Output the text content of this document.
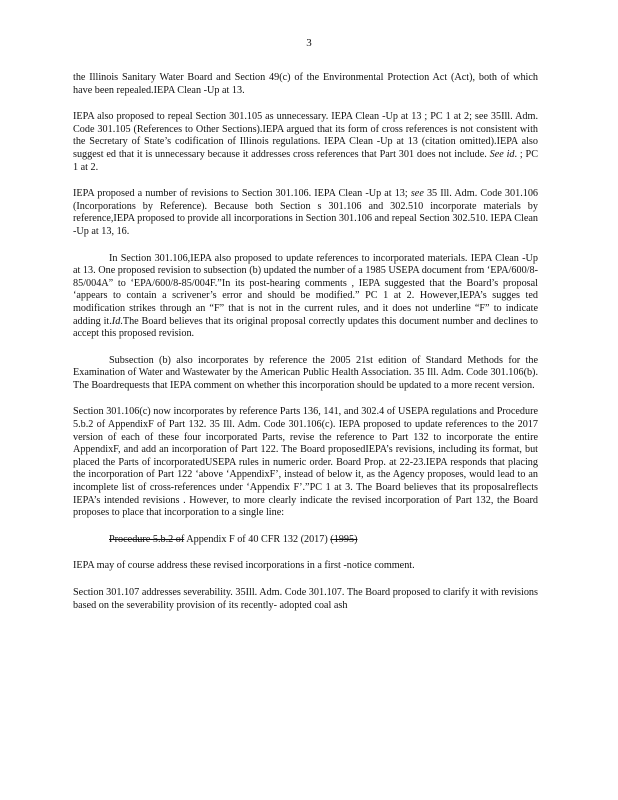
3

the Illinois Sanitary Water Board and Section 49(c) of the Environmental Protection Act (Act), both of which have been repealed.IEPA Clean -Up at 13.

IEPA also proposed to repeal Section 301.105 as unnecessary. IEPA Clean -Up at 13 ; PC 1 at 2; see 35Ill. Adm. Code 301.105 (References to Other Sections).IEPA argued that its form of cross references is not consistent with the Secretary of State’s codification of Illinois regulations. IEPA Clean -Up at 13 (citation omitted).IEPA also suggest ed that it is unnecessary because it addresses cross references that Part 301 does not include. See id. ; PC 1 at 2.

IEPA proposed a number of revisions to Section 301.106. IEPA Clean -Up at 13; see 35 Ill. Adm. Code 301.106 (Incorporations by Reference). Because both Section s 301.106 and 302.510 incorporate materials by reference,IEPA proposed to provide all incorporations in Section 301.106 and repeal Section 302.510. IEPA Clean -Up at 13, 16.

In Section 301.106,IEPA also proposed to update references to incorporated materials. IEPA Clean -Up at 13. One proposed revision to subsection (b) updated the number of a 1985 USEPA document from ‘EPA/600/8-85/004A” to ‘EPA/600/8-85/004F.”In its post-hearing comments , IEPA suggested that the Board’s proposal ‘appears to contain a scrivener’s error and should be modified.” PC 1 at 2. However,IEPA’s sugges ted modification strikes through an “F” that is not in the current rules, and it does not underline “F” to indicate adding it.Id.The Board believes that its original proposal correctly updates this document number and declines to accept this proposed revision.

Subsection (b) also incorporates by reference the 2005 21st edition of Standard Methods for the Examination of Water and Wastewater by the American Public Health Association. 35 Ill. Adm. Code 301.106(b). The Boardrequests that IEPA comment on whether this incorporation should be updated to a more recent version.

Section 301.106(c) now incorporates by reference Parts 136, 141, and 302.4 of USEPA regulations and Procedure 5.b.2 of AppendixF of Part 132. 35 Ill. Adm. Code 301.106(c). IEPA proposed to update references to the 2017 version of each of these four incorporated Parts, revise the reference to Part 132 to incorporate the entire AppendixF, and add an incorporation of Part 122. The Board proposedIEPA’s revisions, including its format, but placed the Parts of incorporatedUSEPA rules in numeric order. Board Prop. at 22-23.IEPA responds that placing the incorporation of Part 122 ‘above ‘AppendixF’, instead of below it, as the Agency proposes, would lead to an incomplete list of cross-references under ‘Appendix F’.”PC 1 at 3. The Board believes that its proposalreflects IEPA’s intended revisions . However, to more clearly indicate the revised incorporation of Part 132, the Board proposes to place that incorporation to a single line:

Procedure 5.b.2 of Appendix F of 40 CFR 132 (2017) (1995)

IEPA may of course address these revised incorporations in a first -notice comment.

Section 301.107 addresses severability. 35Ill. Adm. Code 301.107. The Board proposed to clarify it with revisions based on the severability provision of its recently- adopted coal ash
